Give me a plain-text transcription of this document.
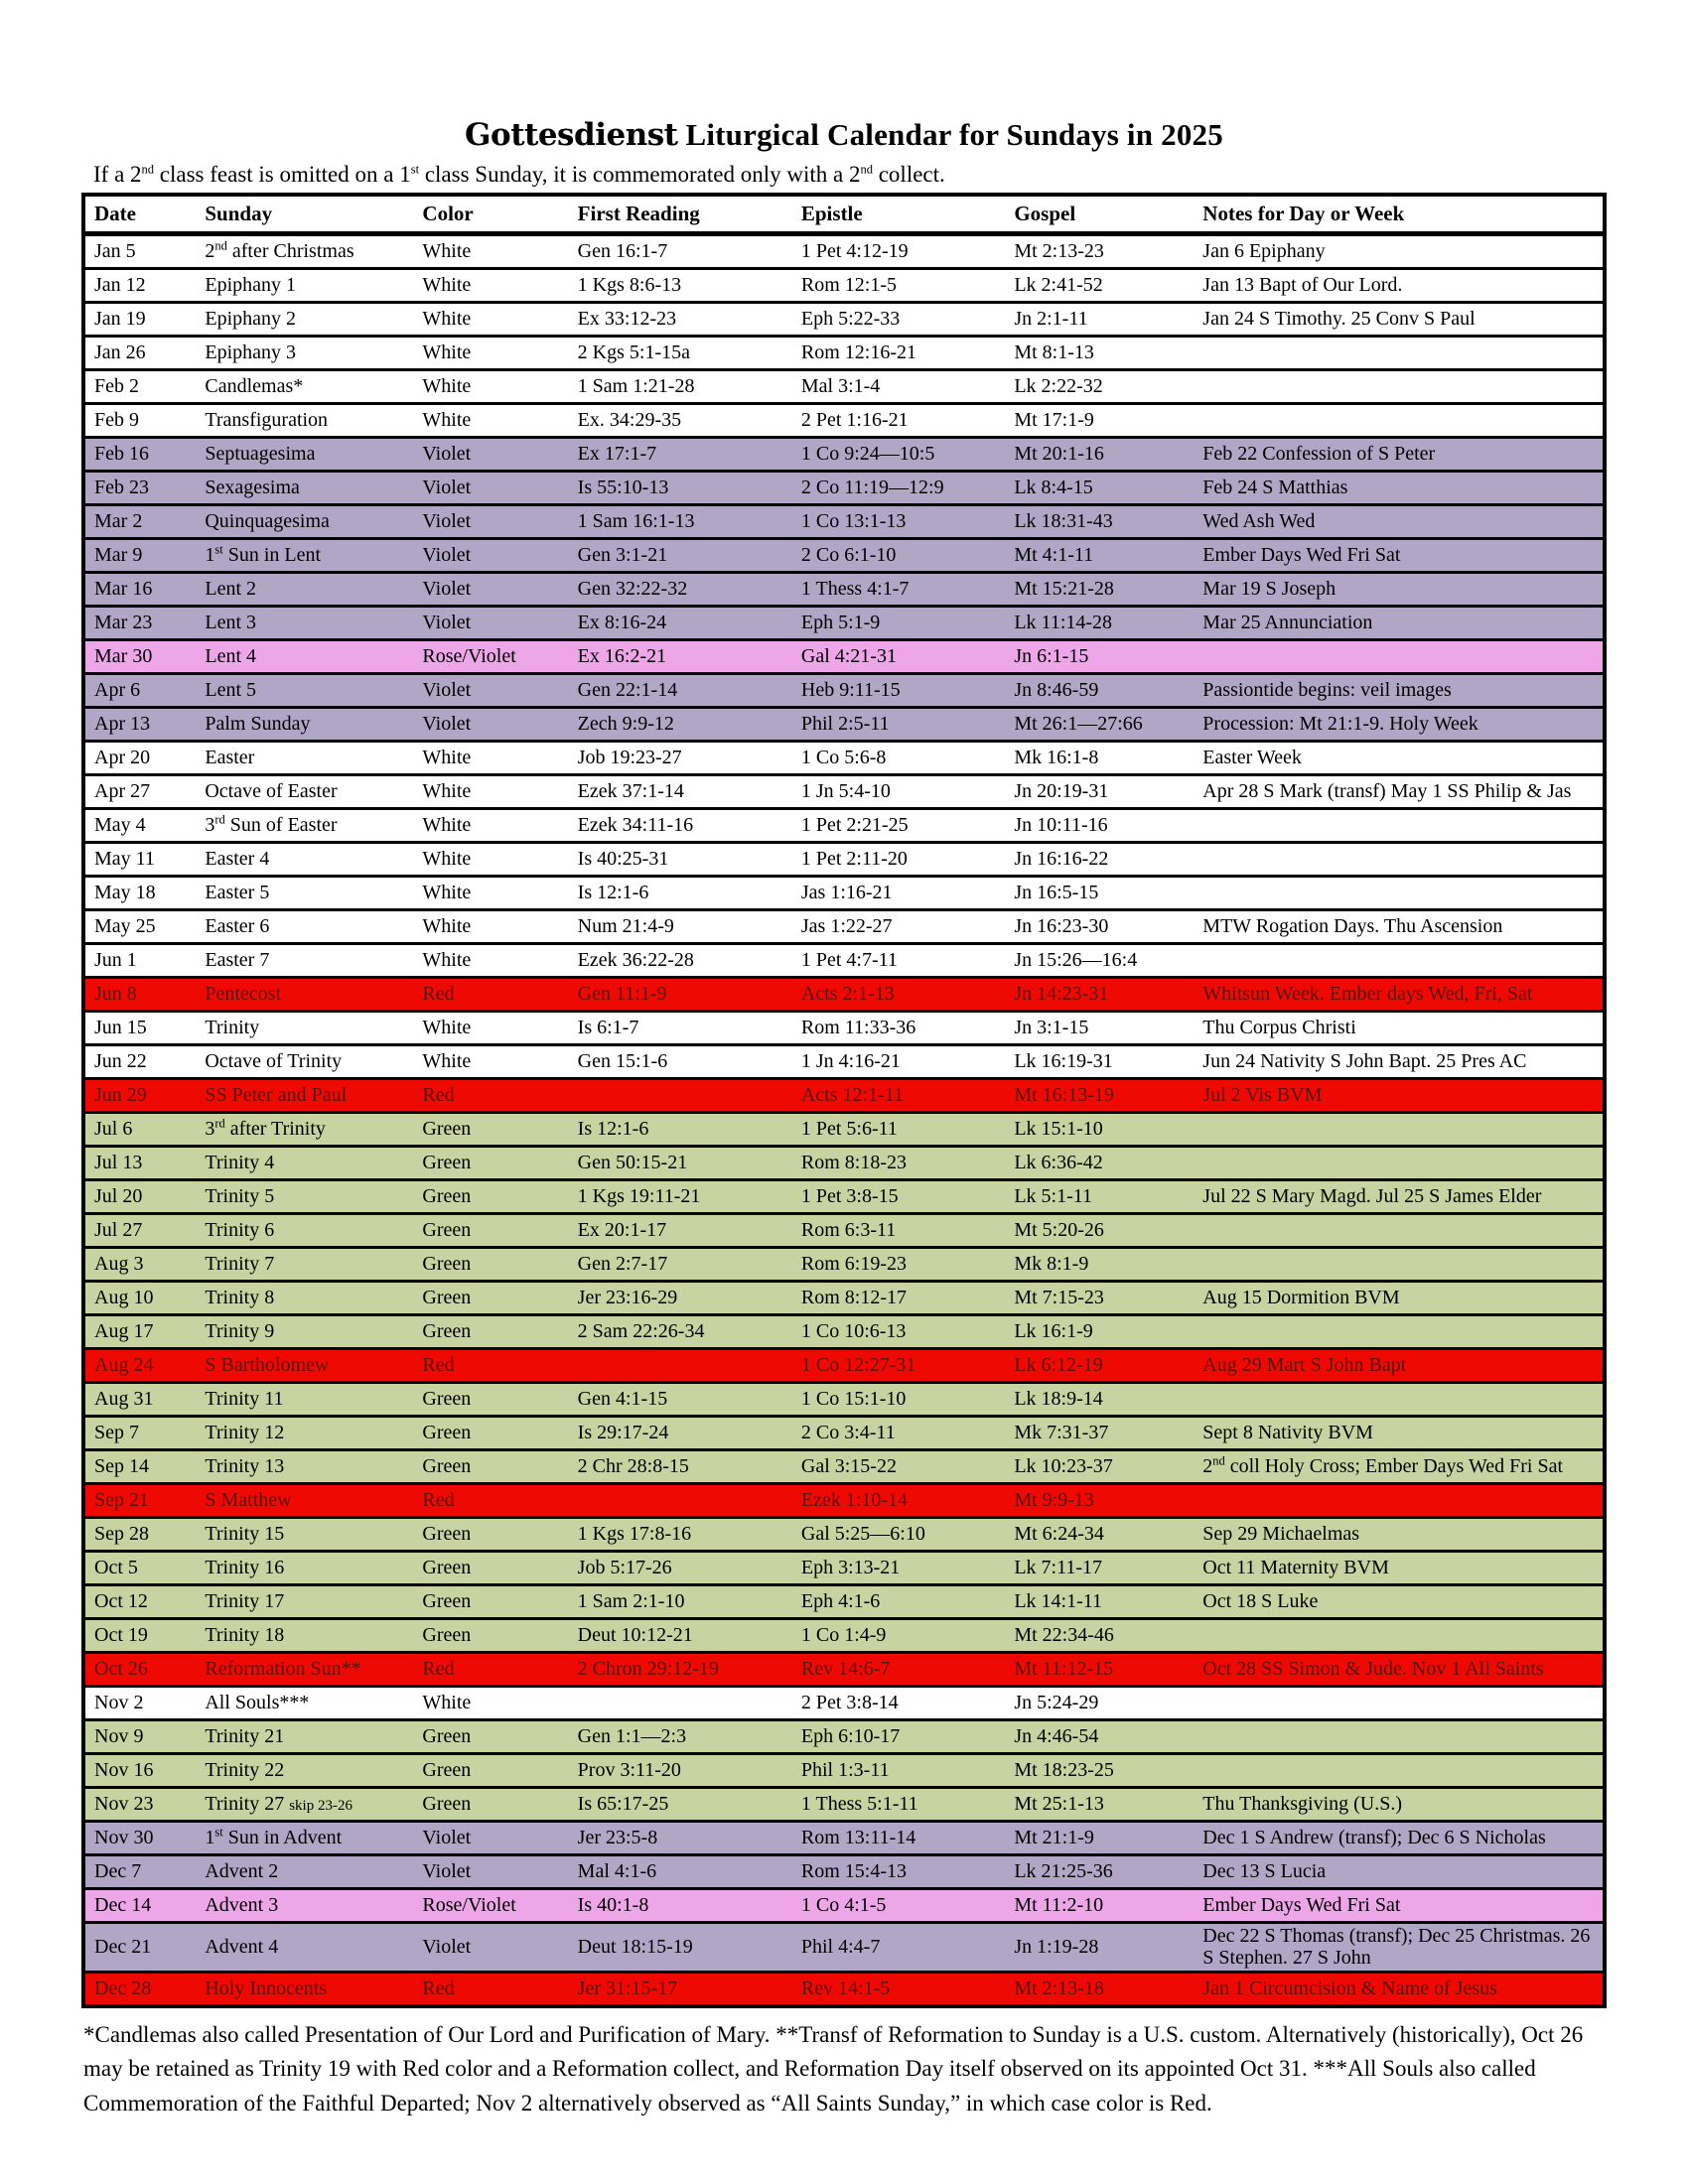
Gottesdienst Liturgical Calendar for Sundays in 2025

If a 2nd class feast is omitted on a 1st class Sunday, it is commemorated only with a 2nd collect.

Date	Sunday	Color	First Reading	Epistle	Gospel	Notes for Day or Week
Jan 5	2nd after Christmas	White	Gen 16:1-7	1 Pet 4:12-19	Mt 2:13-23	Jan 6 Epiphany
Jan 12	Epiphany 1	White	1 Kgs 8:6-13	Rom 12:1-5	Lk 2:41-52	Jan 13 Bapt of Our Lord.
Jan 19	Epiphany 2	White	Ex 33:12-23	Eph 5:22-33	Jn 2:1-11	Jan 24 S Timothy. 25 Conv S Paul
Jan 26	Epiphany 3	White	2 Kgs 5:1-15a	Rom 12:16-21	Mt 8:1-13	
Feb 2	Candlemas*	White	1 Sam 1:21-28	Mal 3:1-4	Lk 2:22-32	
Feb 9	Transfiguration	White	Ex. 34:29-35	2 Pet 1:16-21	Mt 17:1-9	
Feb 16	Septuagesima	Violet	Ex 17:1-7	1 Co 9:24—10:5	Mt 20:1-16	Feb 22 Confession of S Peter
Feb 23	Sexagesima	Violet	Is 55:10-13	2 Co 11:19—12:9	Lk 8:4-15	Feb 24 S Matthias
Mar 2	Quinquagesima	Violet	1 Sam 16:1-13	1 Co 13:1-13	Lk 18:31-43	Wed Ash Wed
Mar 9	1st Sun in Lent	Violet	Gen 3:1-21	2 Co 6:1-10	Mt 4:1-11	Ember Days Wed Fri Sat
Mar 16	Lent 2	Violet	Gen 32:22-32	1 Thess 4:1-7	Mt 15:21-28	Mar 19 S Joseph
Mar 23	Lent 3	Violet	Ex 8:16-24	Eph 5:1-9	Lk 11:14-28	Mar 25 Annunciation
Mar 30	Lent 4	Rose/Violet	Ex 16:2-21	Gal 4:21-31	Jn 6:1-15	
Apr 6	Lent 5	Violet	Gen 22:1-14	Heb 9:11-15	Jn 8:46-59	Passiontide begins: veil images
Apr 13	Palm Sunday	Violet	Zech 9:9-12	Phil 2:5-11	Mt 26:1—27:66	Procession: Mt 21:1-9. Holy Week
Apr 20	Easter	White	Job 19:23-27	1 Co 5:6-8	Mk 16:1-8	Easter Week
Apr 27	Octave of Easter	White	Ezek 37:1-14	1 Jn 5:4-10	Jn 20:19-31	Apr 28 S Mark (transf) May 1 SS Philip & Jas
May 4	3rd Sun of Easter	White	Ezek 34:11-16	1 Pet 2:21-25	Jn 10:11-16	
May 11	Easter 4	White	Is 40:25-31	1 Pet 2:11-20	Jn 16:16-22	
May 18	Easter 5	White	Is 12:1-6	Jas 1:16-21	Jn 16:5-15	
May 25	Easter 6	White	Num 21:4-9	Jas 1:22-27	Jn 16:23-30	MTW Rogation Days. Thu Ascension
Jun 1	Easter 7	White	Ezek 36:22-28	1 Pet 4:7-11	Jn 15:26—16:4	
Jun 8	Pentecost	Red	Gen 11:1-9	Acts 2:1-13	Jn 14:23-31	Whitsun Week. Ember days Wed, Fri, Sat
Jun 15	Trinity	White	Is 6:1-7	Rom 11:33-36	Jn 3:1-15	Thu Corpus Christi
Jun 22	Octave of Trinity	White	Gen 15:1-6	1 Jn 4:16-21	Lk 16:19-31	Jun 24 Nativity S John Bapt. 25 Pres AC
Jun 29	SS Peter and Paul	Red		Acts 12:1-11	Mt 16:13-19	Jul 2 Vis BVM
Jul 6	3rd after Trinity	Green	Is 12:1-6	1 Pet 5:6-11	Lk 15:1-10	
Jul 13	Trinity 4	Green	Gen 50:15-21	Rom 8:18-23	Lk 6:36-42	
Jul 20	Trinity 5	Green	1 Kgs 19:11-21	1 Pet 3:8-15	Lk 5:1-11	Jul 22 S Mary Magd. Jul 25 S James Elder
Jul 27	Trinity 6	Green	Ex 20:1-17	Rom 6:3-11	Mt 5:20-26	
Aug 3	Trinity 7	Green	Gen 2:7-17	Rom 6:19-23	Mk 8:1-9	
Aug 10	Trinity 8	Green	Jer 23:16-29	Rom 8:12-17	Mt 7:15-23	Aug 15 Dormition BVM
Aug 17	Trinity 9	Green	2 Sam 22:26-34	1 Co 10:6-13	Lk 16:1-9	
Aug 24	S Bartholomew	Red		1 Co 12:27-31	Lk 6:12-19	Aug 29 Mart S John Bapt
Aug 31	Trinity 11	Green	Gen 4:1-15	1 Co 15:1-10	Lk 18:9-14	
Sep 7	Trinity 12	Green	Is 29:17-24	2 Co 3:4-11	Mk 7:31-37	Sept 8 Nativity BVM
Sep 14	Trinity 13	Green	2 Chr 28:8-15	Gal 3:15-22	Lk 10:23-37	2nd coll Holy Cross; Ember Days Wed Fri Sat
Sep 21	S Matthew	Red		Ezek 1:10-14	Mt 9:9-13	
Sep 28	Trinity 15	Green	1 Kgs 17:8-16	Gal 5:25—6:10	Mt 6:24-34	Sep 29 Michaelmas
Oct 5	Trinity 16	Green	Job 5:17-26	Eph 3:13-21	Lk 7:11-17	Oct 11 Maternity BVM
Oct 12	Trinity 17	Green	1 Sam 2:1-10	Eph 4:1-6	Lk 14:1-11	Oct 18 S Luke
Oct 19	Trinity 18	Green	Deut 10:12-21	1 Co 1:4-9	Mt 22:34-46	
Oct 26	Reformation Sun**	Red	2 Chron 29:12-19	Rev 14:6-7	Mt 11:12-15	Oct 28 SS Simon & Jude. Nov 1 All Saints
Nov 2	All Souls***	White		2 Pet 3:8-14	Jn 5:24-29	
Nov 9	Trinity 21	Green	Gen 1:1—2:3	Eph 6:10-17	Jn 4:46-54	
Nov 16	Trinity 22	Green	Prov 3:11-20	Phil 1:3-11	Mt 18:23-25	
Nov 23	Trinity 27 skip 23-26	Green	Is 65:17-25	1 Thess 5:1-11	Mt 25:1-13	Thu Thanksgiving (U.S.)
Nov 30	1st Sun in Advent	Violet	Jer 23:5-8	Rom 13:11-14	Mt 21:1-9	Dec 1 S Andrew (transf); Dec 6 S Nicholas
Dec 7	Advent 2	Violet	Mal 4:1-6	Rom 15:4-13	Lk 21:25-36	Dec 13 S Lucia
Dec 14	Advent 3	Rose/Violet	Is 40:1-8	1 Co 4:1-5	Mt 11:2-10	Ember Days Wed Fri Sat
Dec 21	Advent 4	Violet	Deut 18:15-19	Phil 4:4-7	Jn 1:19-28	Dec 22 S Thomas (transf); Dec 25 Christmas. 26 S Stephen. 27 S John
Dec 28	Holy Innocents	Red	Jer 31:15-17	Rev 14:1-5	Mt 2:13-18	Jan 1 Circumcision & Name of Jesus

*Candlemas also called Presentation of Our Lord and Purification of Mary. **Transf of Reformation to Sunday is a U.S. custom. Alternatively (historically), Oct 26 may be retained as Trinity 19 with Red color and a Reformation collect, and Reformation Day itself observed on its appointed Oct 31. ***All Souls also called Commemoration of the Faithful Departed; Nov 2 alternatively observed as “All Saints Sunday,” in which case color is Red.
